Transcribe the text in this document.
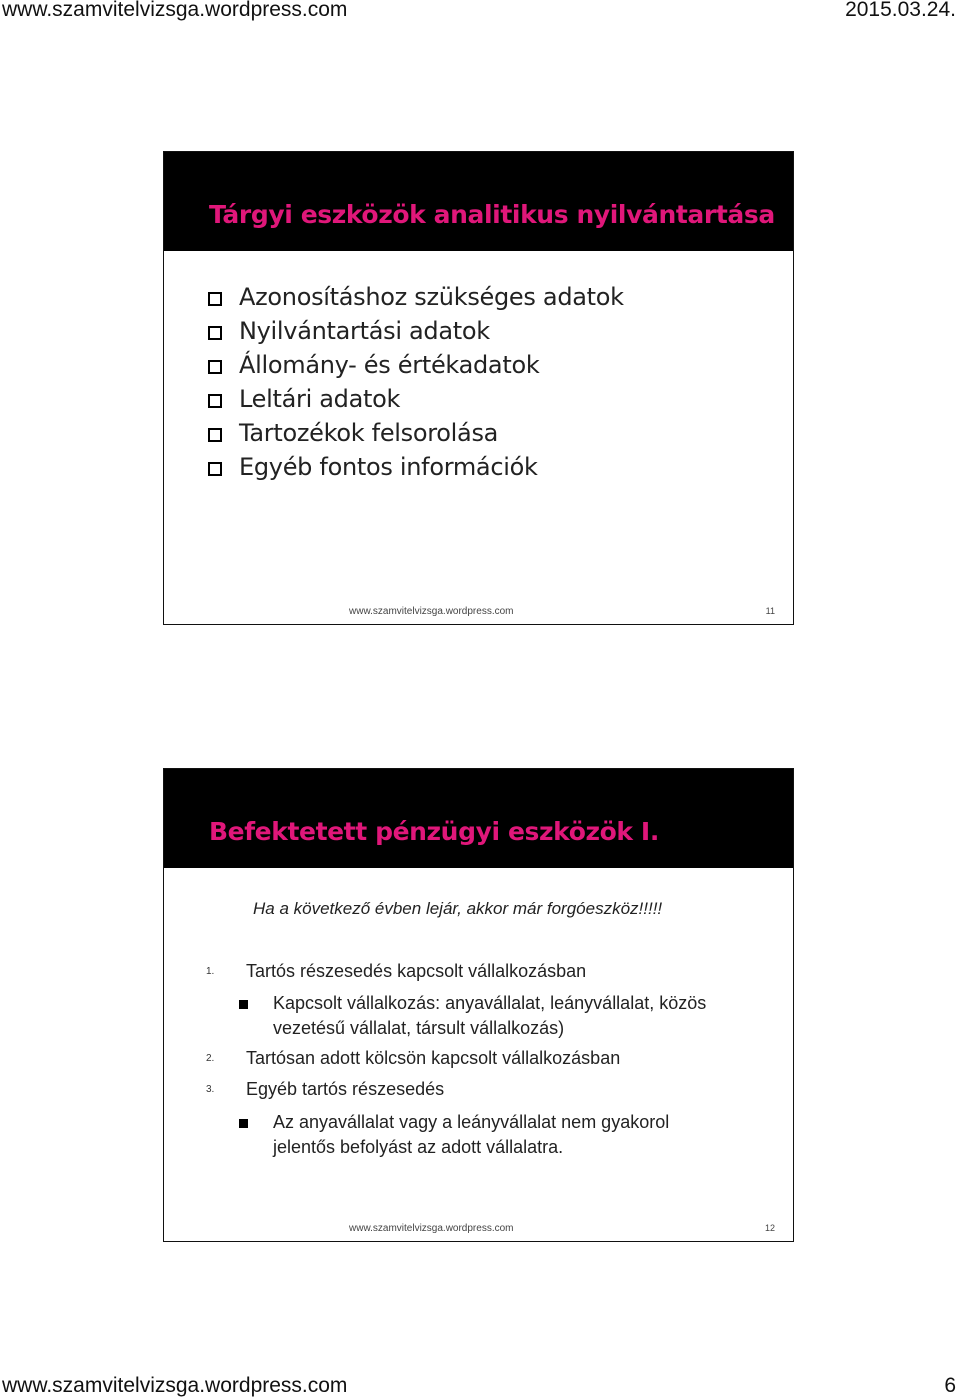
www.szamvitelvizsga.wordpress.com	2015.03.24.
Tárgyi eszközök analitikus nyilvántartása
Azonosításhoz szükséges adatok
Nyilvántartási adatok
Állomány- és értékadatok
Leltári adatok
Tartozékok felsorolása
Egyéb fontos információk
www.szamvitelvizsga.wordpress.com	11
Befektetett pénzügyi eszközök I.
Ha a következő évben lejár, akkor már forgóeszköz!!!!!
1. Tartós részesedés kapcsolt vállalkozásban
Kapcsolt vállalkozás: anyavállalat, leányvállalat, közös
vezetésű vállalat, társult vállalkozás)
2. Tartósan adott kölcsön kapcsolt vállalkozásban
3. Egyéb tartós részesedés
Az anyavállalat vagy a leányvállalat nem gyakorol
jelentős befolyást az adott vállalatra.
www.szamvitelvizsga.wordpress.com	12
www.szamvitelvizsga.wordpress.com	6
